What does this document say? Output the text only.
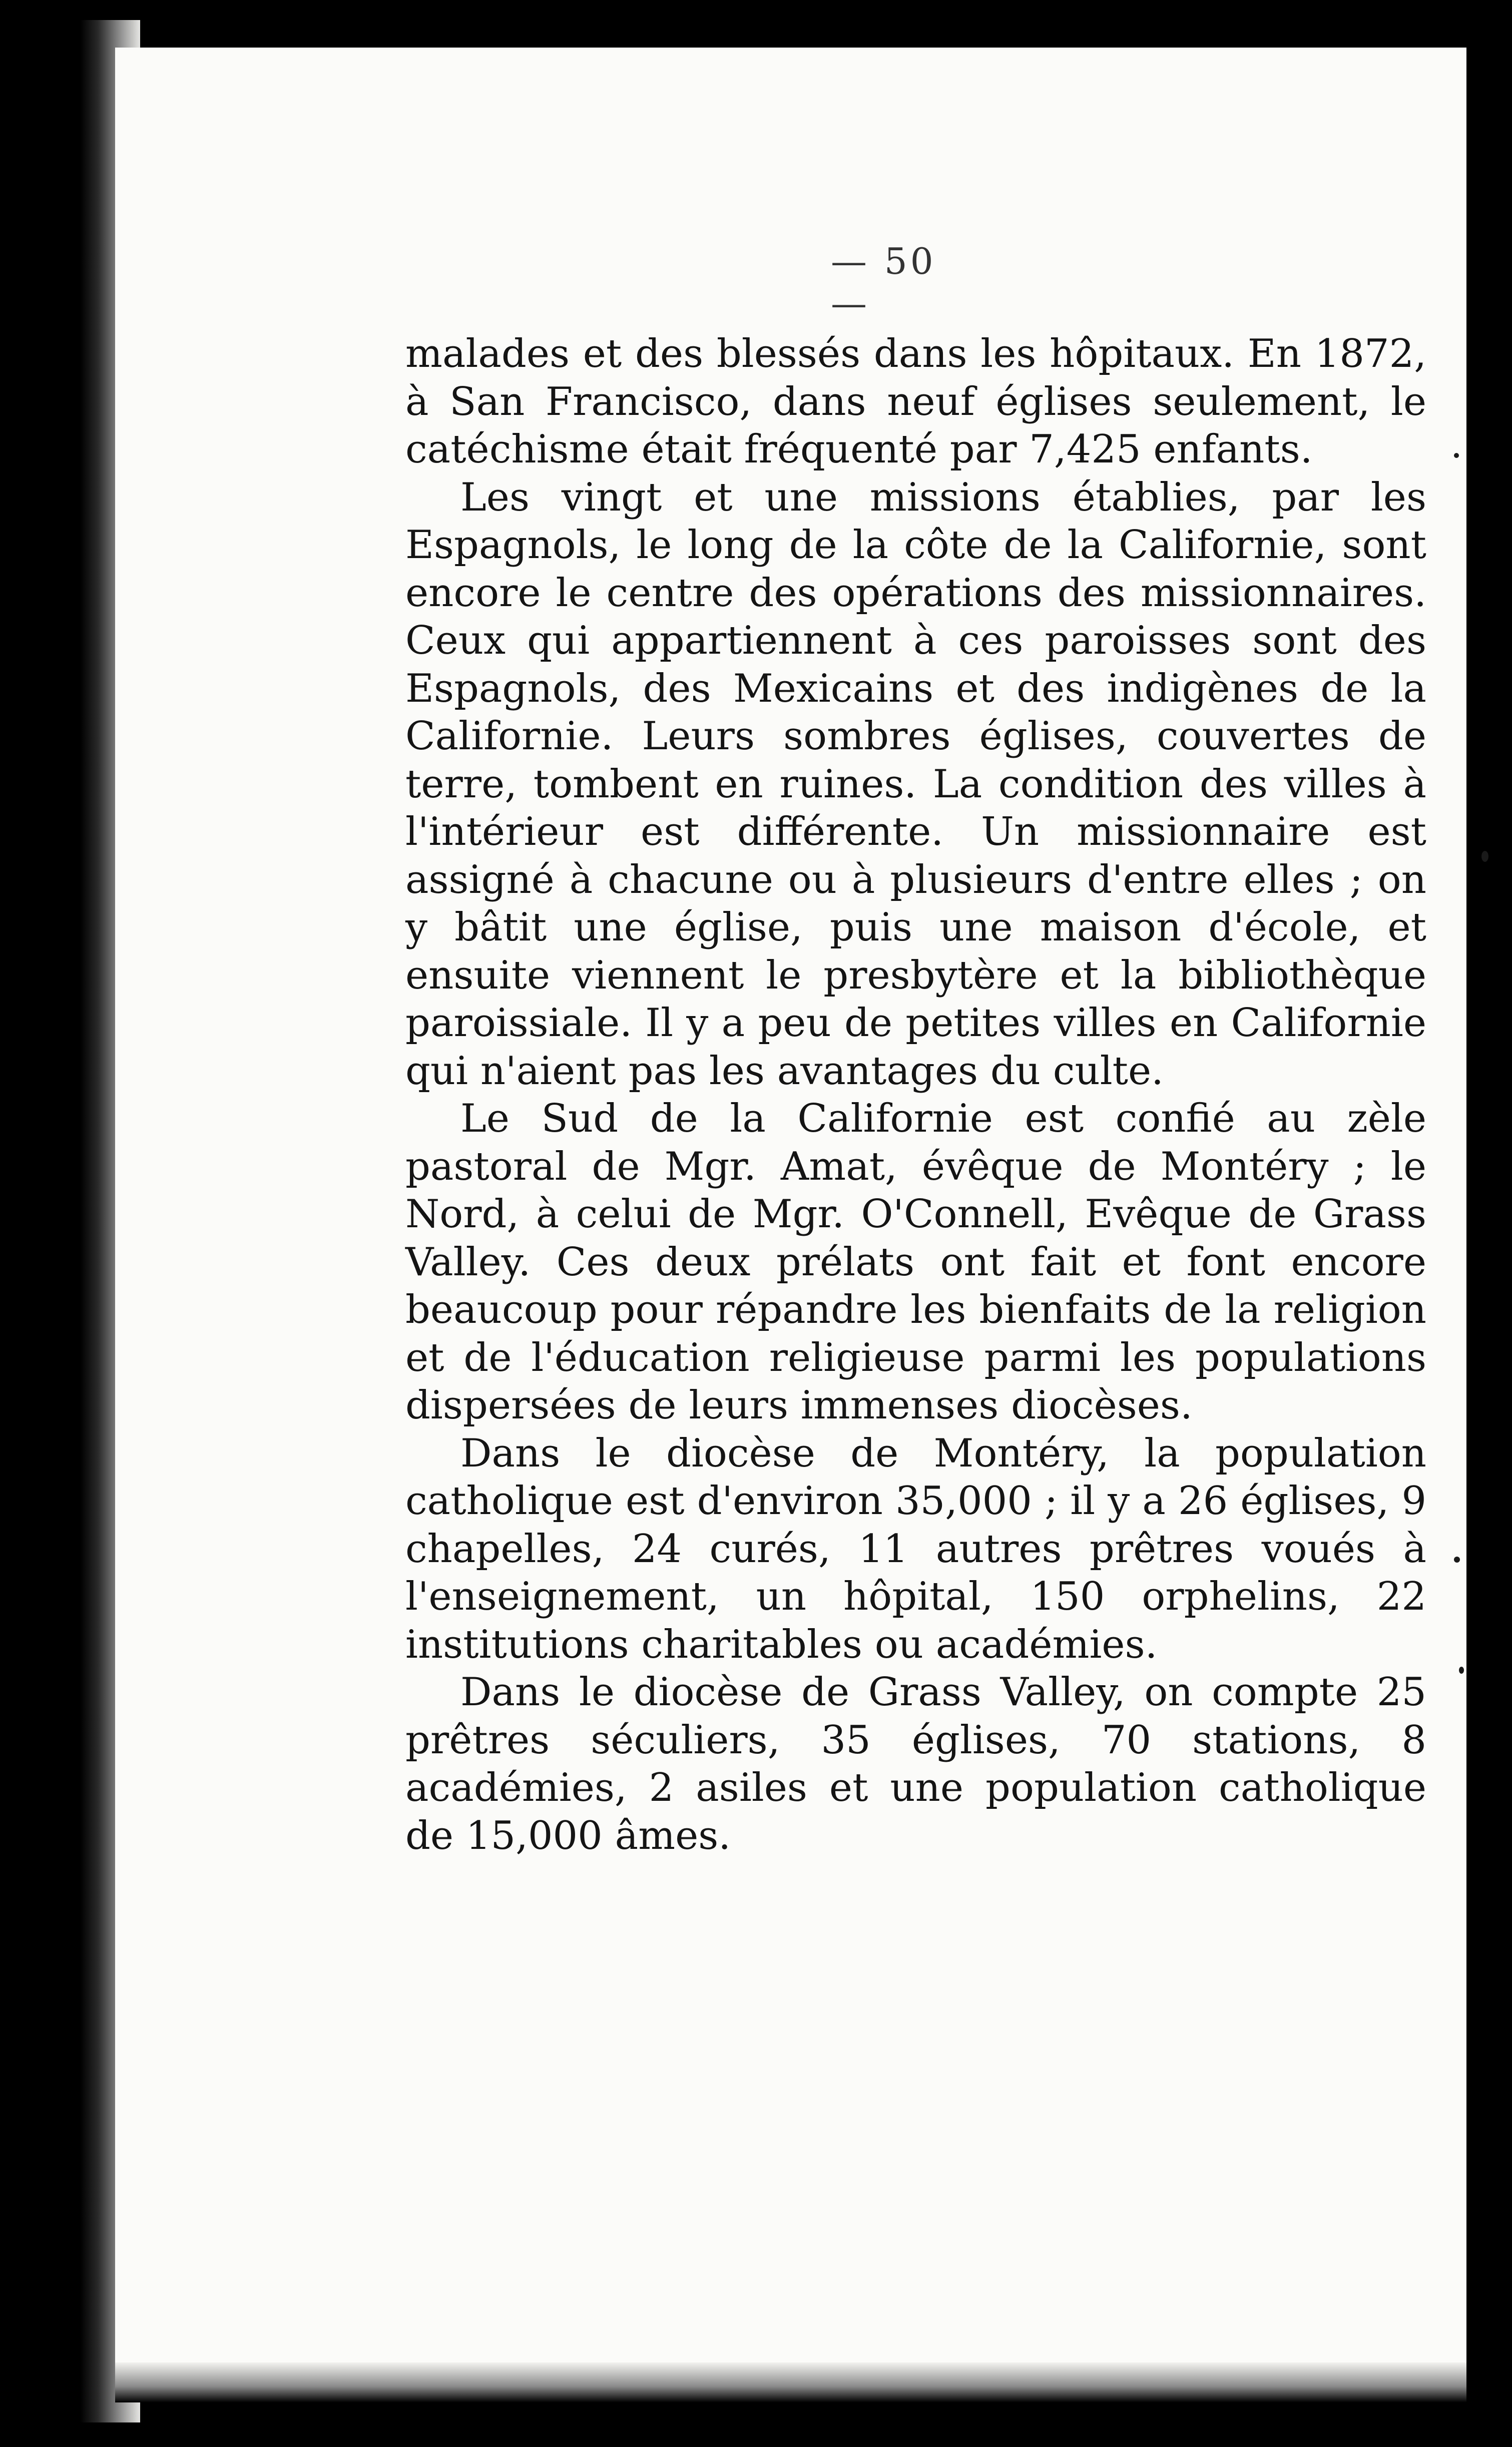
— 50 —

malades et des blessés dans les hôpitaux. En 1872, à San Francisco, dans neuf églises seulement, le catéchisme était fréquenté par 7,425 enfants.

Les vingt et une missions établies, par les Espagnols, le long de la côte de la Californie, sont encore le centre des opérations des missionnaires. Ceux qui appartiennent à ces paroisses sont des Espagnols, des Mexicains et des indigènes de la Californie. Leurs sombres églises, couvertes de terre, tombent en ruines. La condition des villes à l'intérieur est différente. Un missionnaire est assigné à chacune ou à plusieurs d'entre elles ; on y bâtit une église, puis une maison d'école, et ensuite viennent le presbytère et la bibliothèque paroissiale. Il y a peu de petites villes en Californie qui n'aient pas les avantages du culte.

Le Sud de la Californie est confié au zèle pastoral de Mgr. Amat, évêque de Montéry ; le Nord, à celui de Mgr. O'Connell, Evêque de Grass Valley. Ces deux prélats ont fait et font encore beaucoup pour répandre les bienfaits de la religion et de l'éducation religieuse parmi les populations dispersées de leurs immenses diocèses.

Dans le diocèse de Montéry, la population catholique est d'environ 35,000 ; il y a 26 églises, 9 chapelles, 24 curés, 11 autres prêtres voués à l'enseignement, un hôpital, 150 orphelins, 22 institutions charitables ou académies.

Dans le diocèse de Grass Valley, on compte 25 prêtres séculiers, 35 églises, 70 stations, 8 académies, 2 asiles et une population catholique de 15,000 âmes.
